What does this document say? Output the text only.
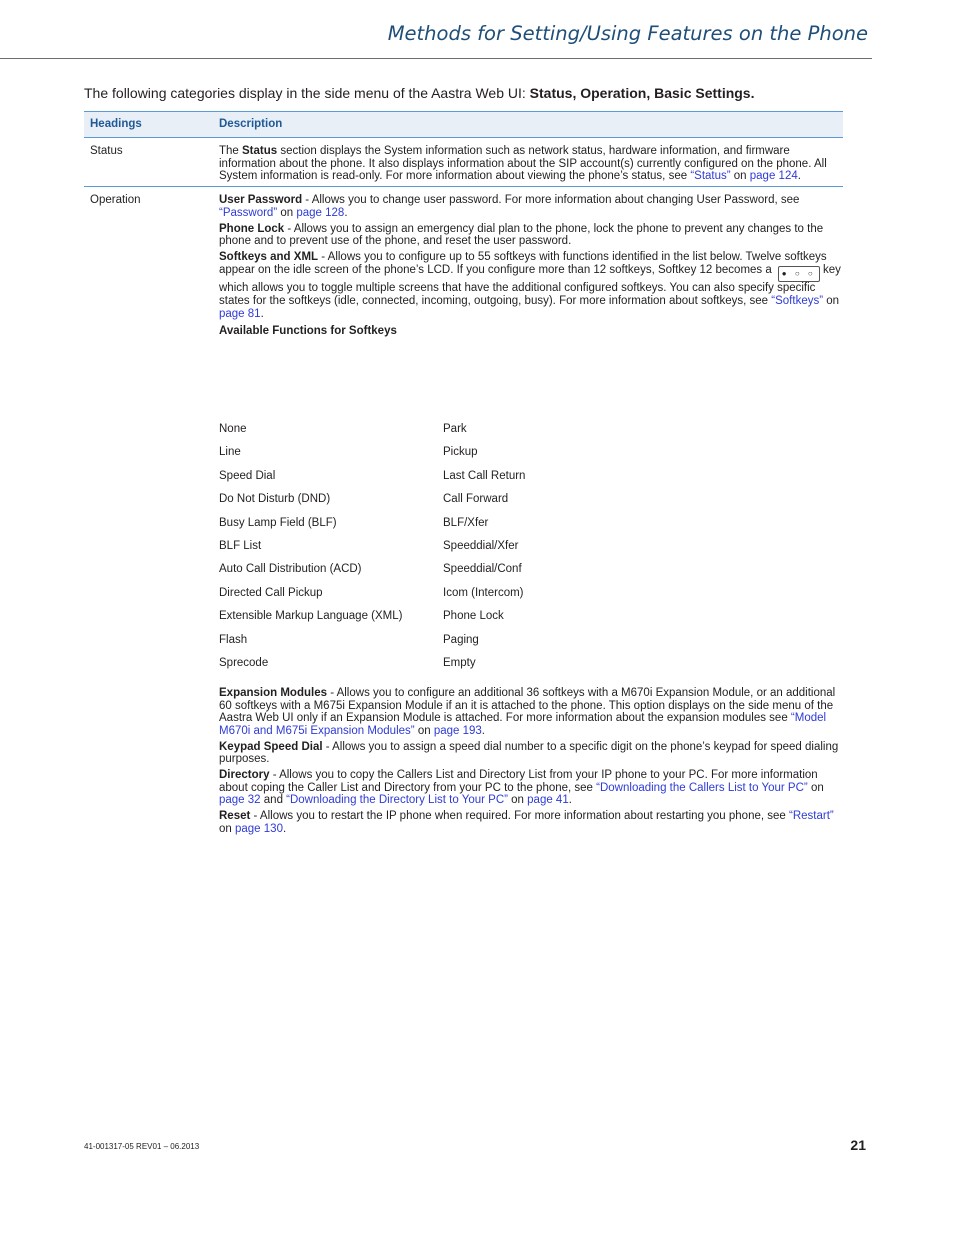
Methods for Setting/Using Features on the Phone
The following categories display in the side menu of the Aastra Web UI: Status, Operation, Basic Settings.
Headings	Description
Status	The Status section displays the System information such as network status, hardware information, and firmware information about the phone. It also displays information about the SIP account(s) currently configured on the phone. All System information is read-only. For more information about viewing the phone’s status, see “Status” on page 124.

Operation	User Password - Allows you to change user password. For more information about changing User Password, see “Password” on page 128.

Phone Lock - Allows you to assign an emergency dial plan to the phone, lock the phone to prevent any changes to the phone and to prevent use of the phone, and reset the user password.

Softkeys and XML - Allows you to configure up to 55 softkeys with functions identified in the list below. Twelve softkeys appear on the idle screen of the phone’s LCD. If you configure more than 12 softkeys, Softkey 12 becomes a ● ○ ○ key which allows you to toggle multiple screens that have the additional configured softkeys. You can also specify specific states for the softkeys (idle, connected, incoming, outgoing, busy). For more information about softkeys, see “Softkeys” on page 81.

Available Functions for Softkeys

None	Park
Line	Pickup
Speed Dial	Last Call Return
Do Not Disturb (DND)	Call Forward
Busy Lamp Field (BLF)	BLF/Xfer
BLF List	Speeddial/Xfer
Auto Call Distribution (ACD)	Speeddial/Conf
Directed Call Pickup	Icom (Intercom)
Extensible Markup Language (XML)	Phone Lock
Flash	Paging
Sprecode	Empty

Expansion Modules - Allows you to configure an additional 36 softkeys with a M670i Expansion Module, or an additional 60 softkeys with a M675i Expansion Module if an it is attached to the phone. This option displays on the side menu of the Aastra Web UI only if an Expansion Module is attached. For more information about the expansion modules see “Model M670i and M675i Expansion Modules” on page 193.

Keypad Speed Dial - Allows you to assign a speed dial number to a specific digit on the phone’s keypad for speed dialing purposes.

Directory - Allows you to copy the Callers List and Directory List from your IP phone to your PC. For more information about coping the Caller List and Directory from your PC to the phone, see “Downloading the Callers List to Your PC” on page 32 and “Downloading the Directory List to Your PC” on page 41.

Reset - Allows you to restart the IP phone when required. For more information about restarting you phone, see “Restart” on page 130.

41-001317-05 REV01 – 06.2013	21
